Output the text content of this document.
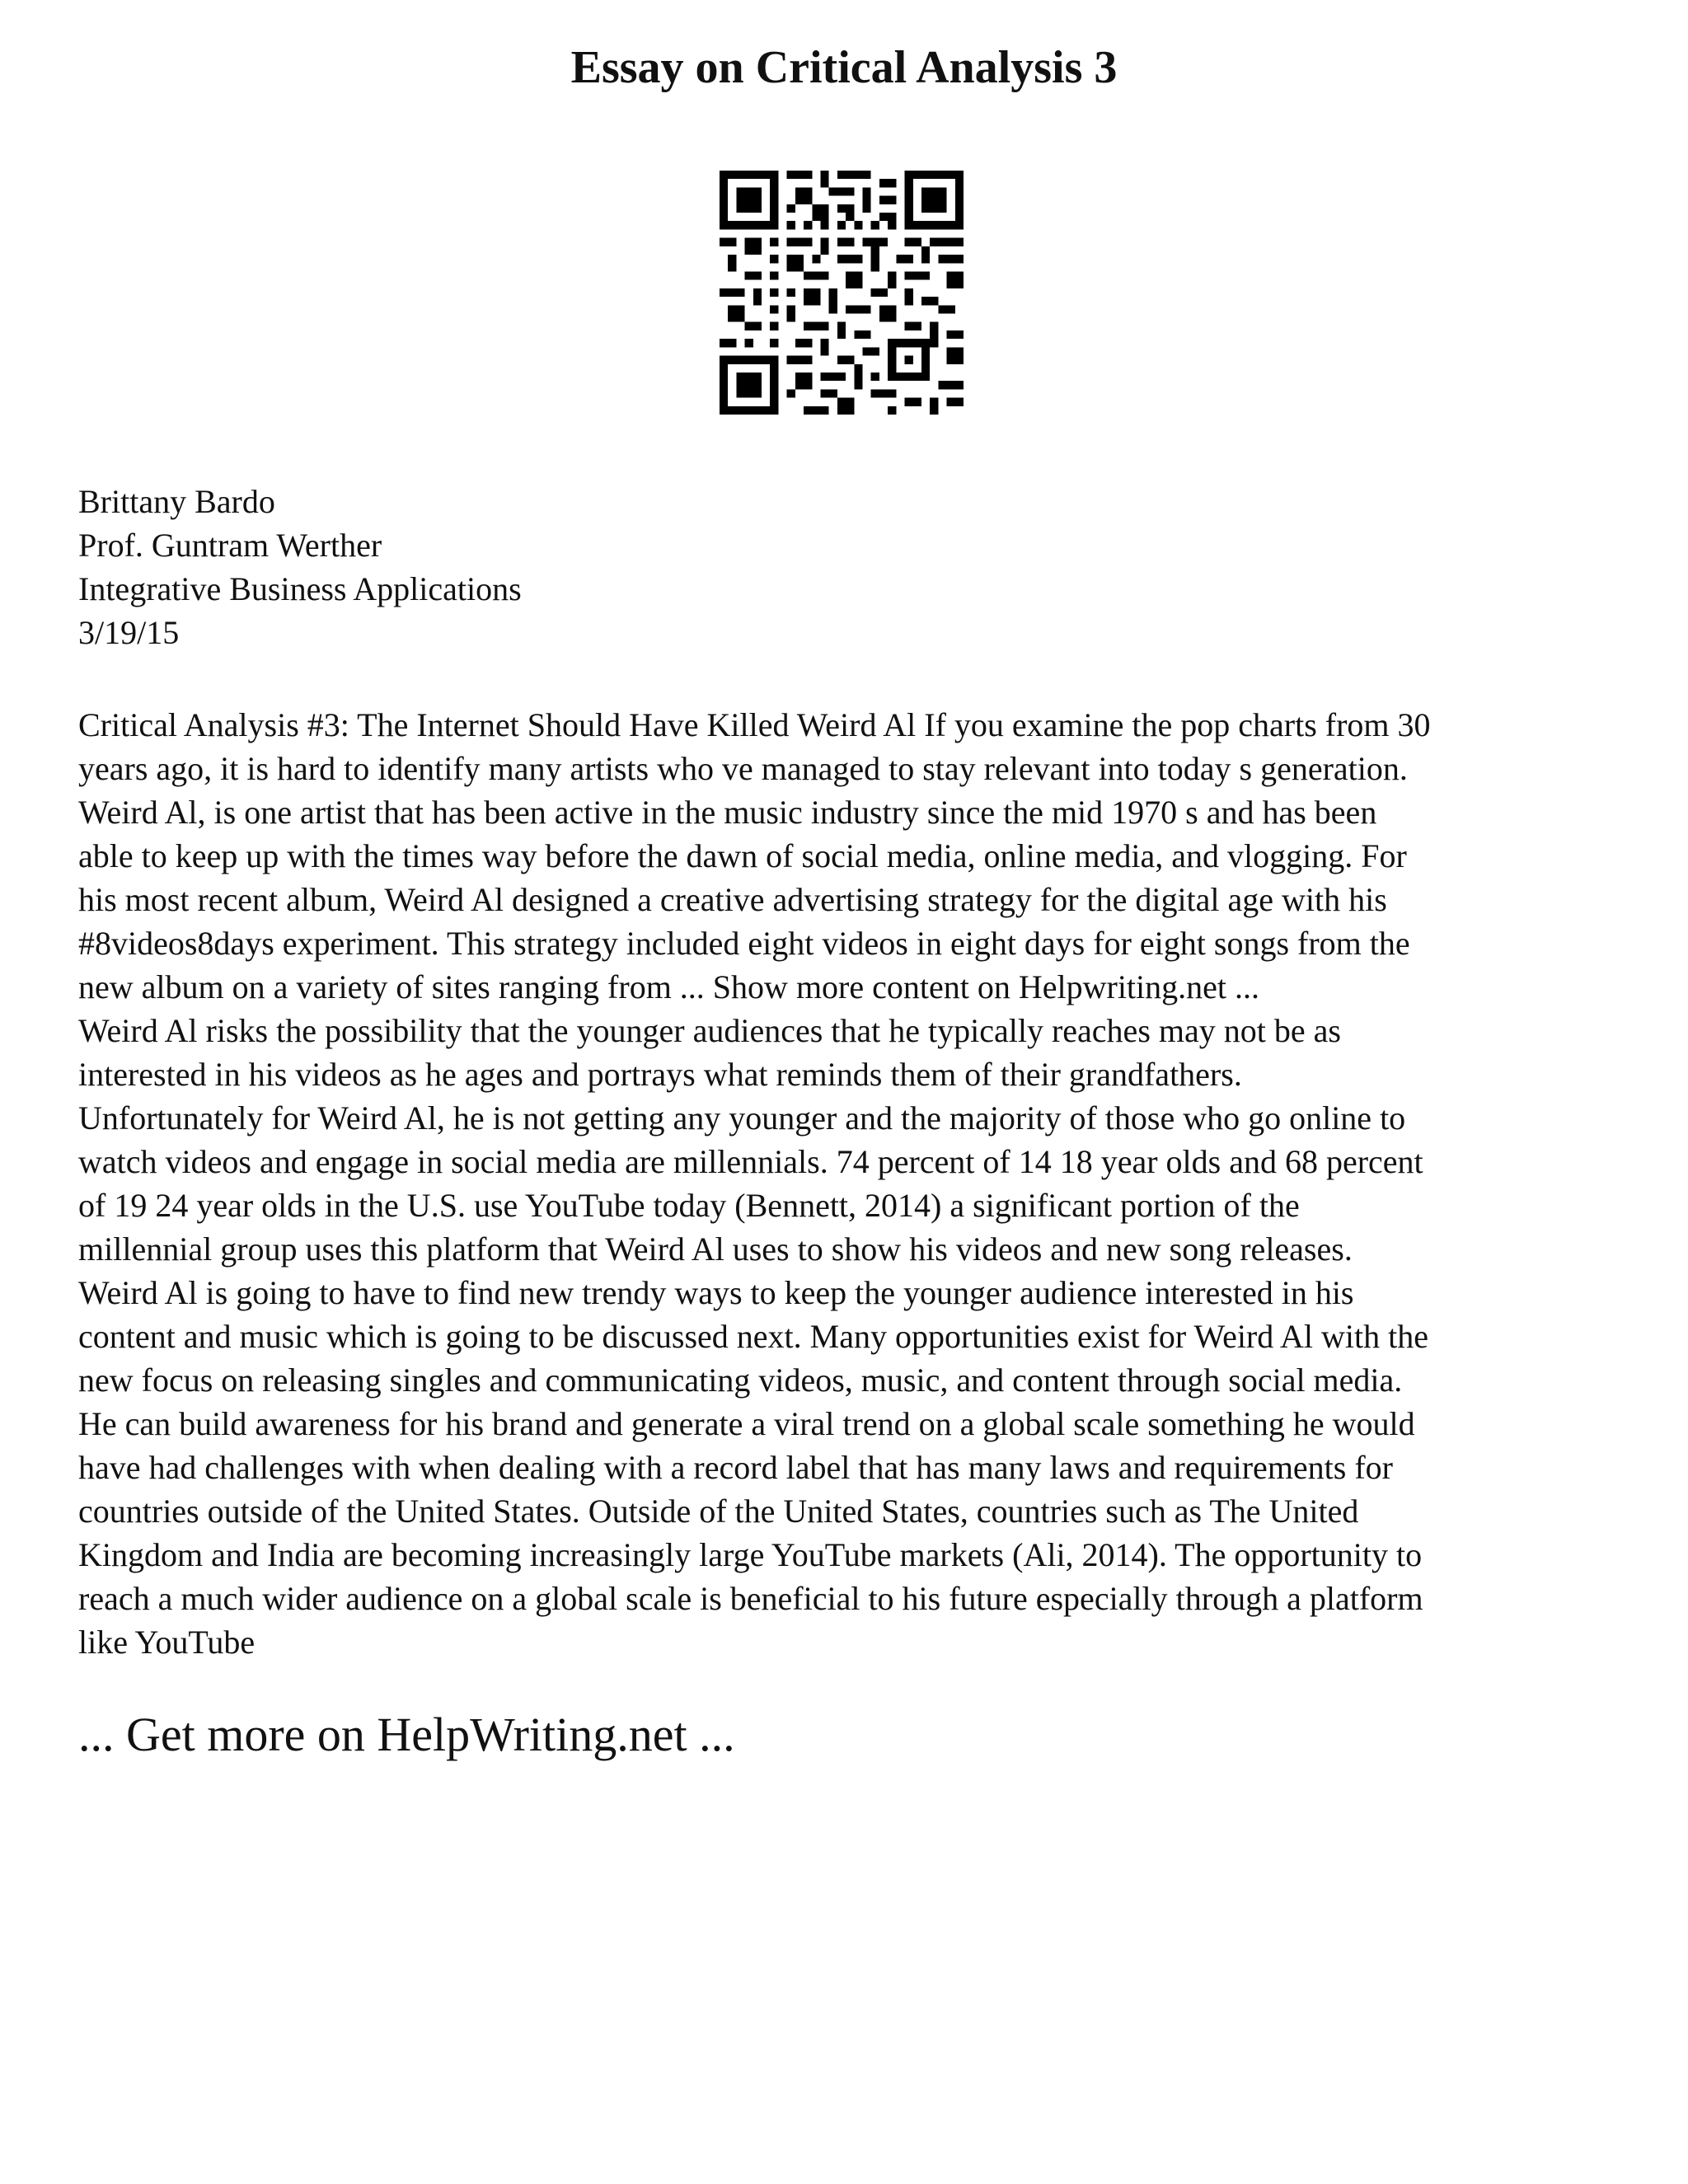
Essay on Critical Analysis 3
Brittany Bardo
Prof. Guntram Werther
Integrative Business Applications
3/19/15
Critical Analysis #3: The Internet Should Have Killed Weird Al If you examine the pop charts from 30
years ago, it is hard to identify many artists who ve managed to stay relevant into today s generation.
Weird Al, is one artist that has been active in the music industry since the mid 1970 s and has been
able to keep up with the times way before the dawn of social media, online media, and vlogging. For
his most recent album, Weird Al designed a creative advertising strategy for the digital age with his
#8videos8days experiment. This strategy included eight videos in eight days for eight songs from the
new album on a variety of sites ranging from ... Show more content on Helpwriting.net ...
Weird Al risks the possibility that the younger audiences that he typically reaches may not be as
interested in his videos as he ages and portrays what reminds them of their grandfathers.
Unfortunately for Weird Al, he is not getting any younger and the majority of those who go online to
watch videos and engage in social media are millennials. 74 percent of 14 18 year olds and 68 percent
of 19 24 year olds in the U.S. use YouTube today (Bennett, 2014) a significant portion of the
millennial group uses this platform that Weird Al uses to show his videos and new song releases.
Weird Al is going to have to find new trendy ways to keep the younger audience interested in his
content and music which is going to be discussed next. Many opportunities exist for Weird Al with the
new focus on releasing singles and communicating videos, music, and content through social media.
He can build awareness for his brand and generate a viral trend on a global scale something he would
have had challenges with when dealing with a record label that has many laws and requirements for
countries outside of the United States. Outside of the United States, countries such as The United
Kingdom and India are becoming increasingly large YouTube markets (Ali, 2014). The opportunity to
reach a much wider audience on a global scale is beneficial to his future especially through a platform
like YouTube
... Get more on HelpWriting.net ...
